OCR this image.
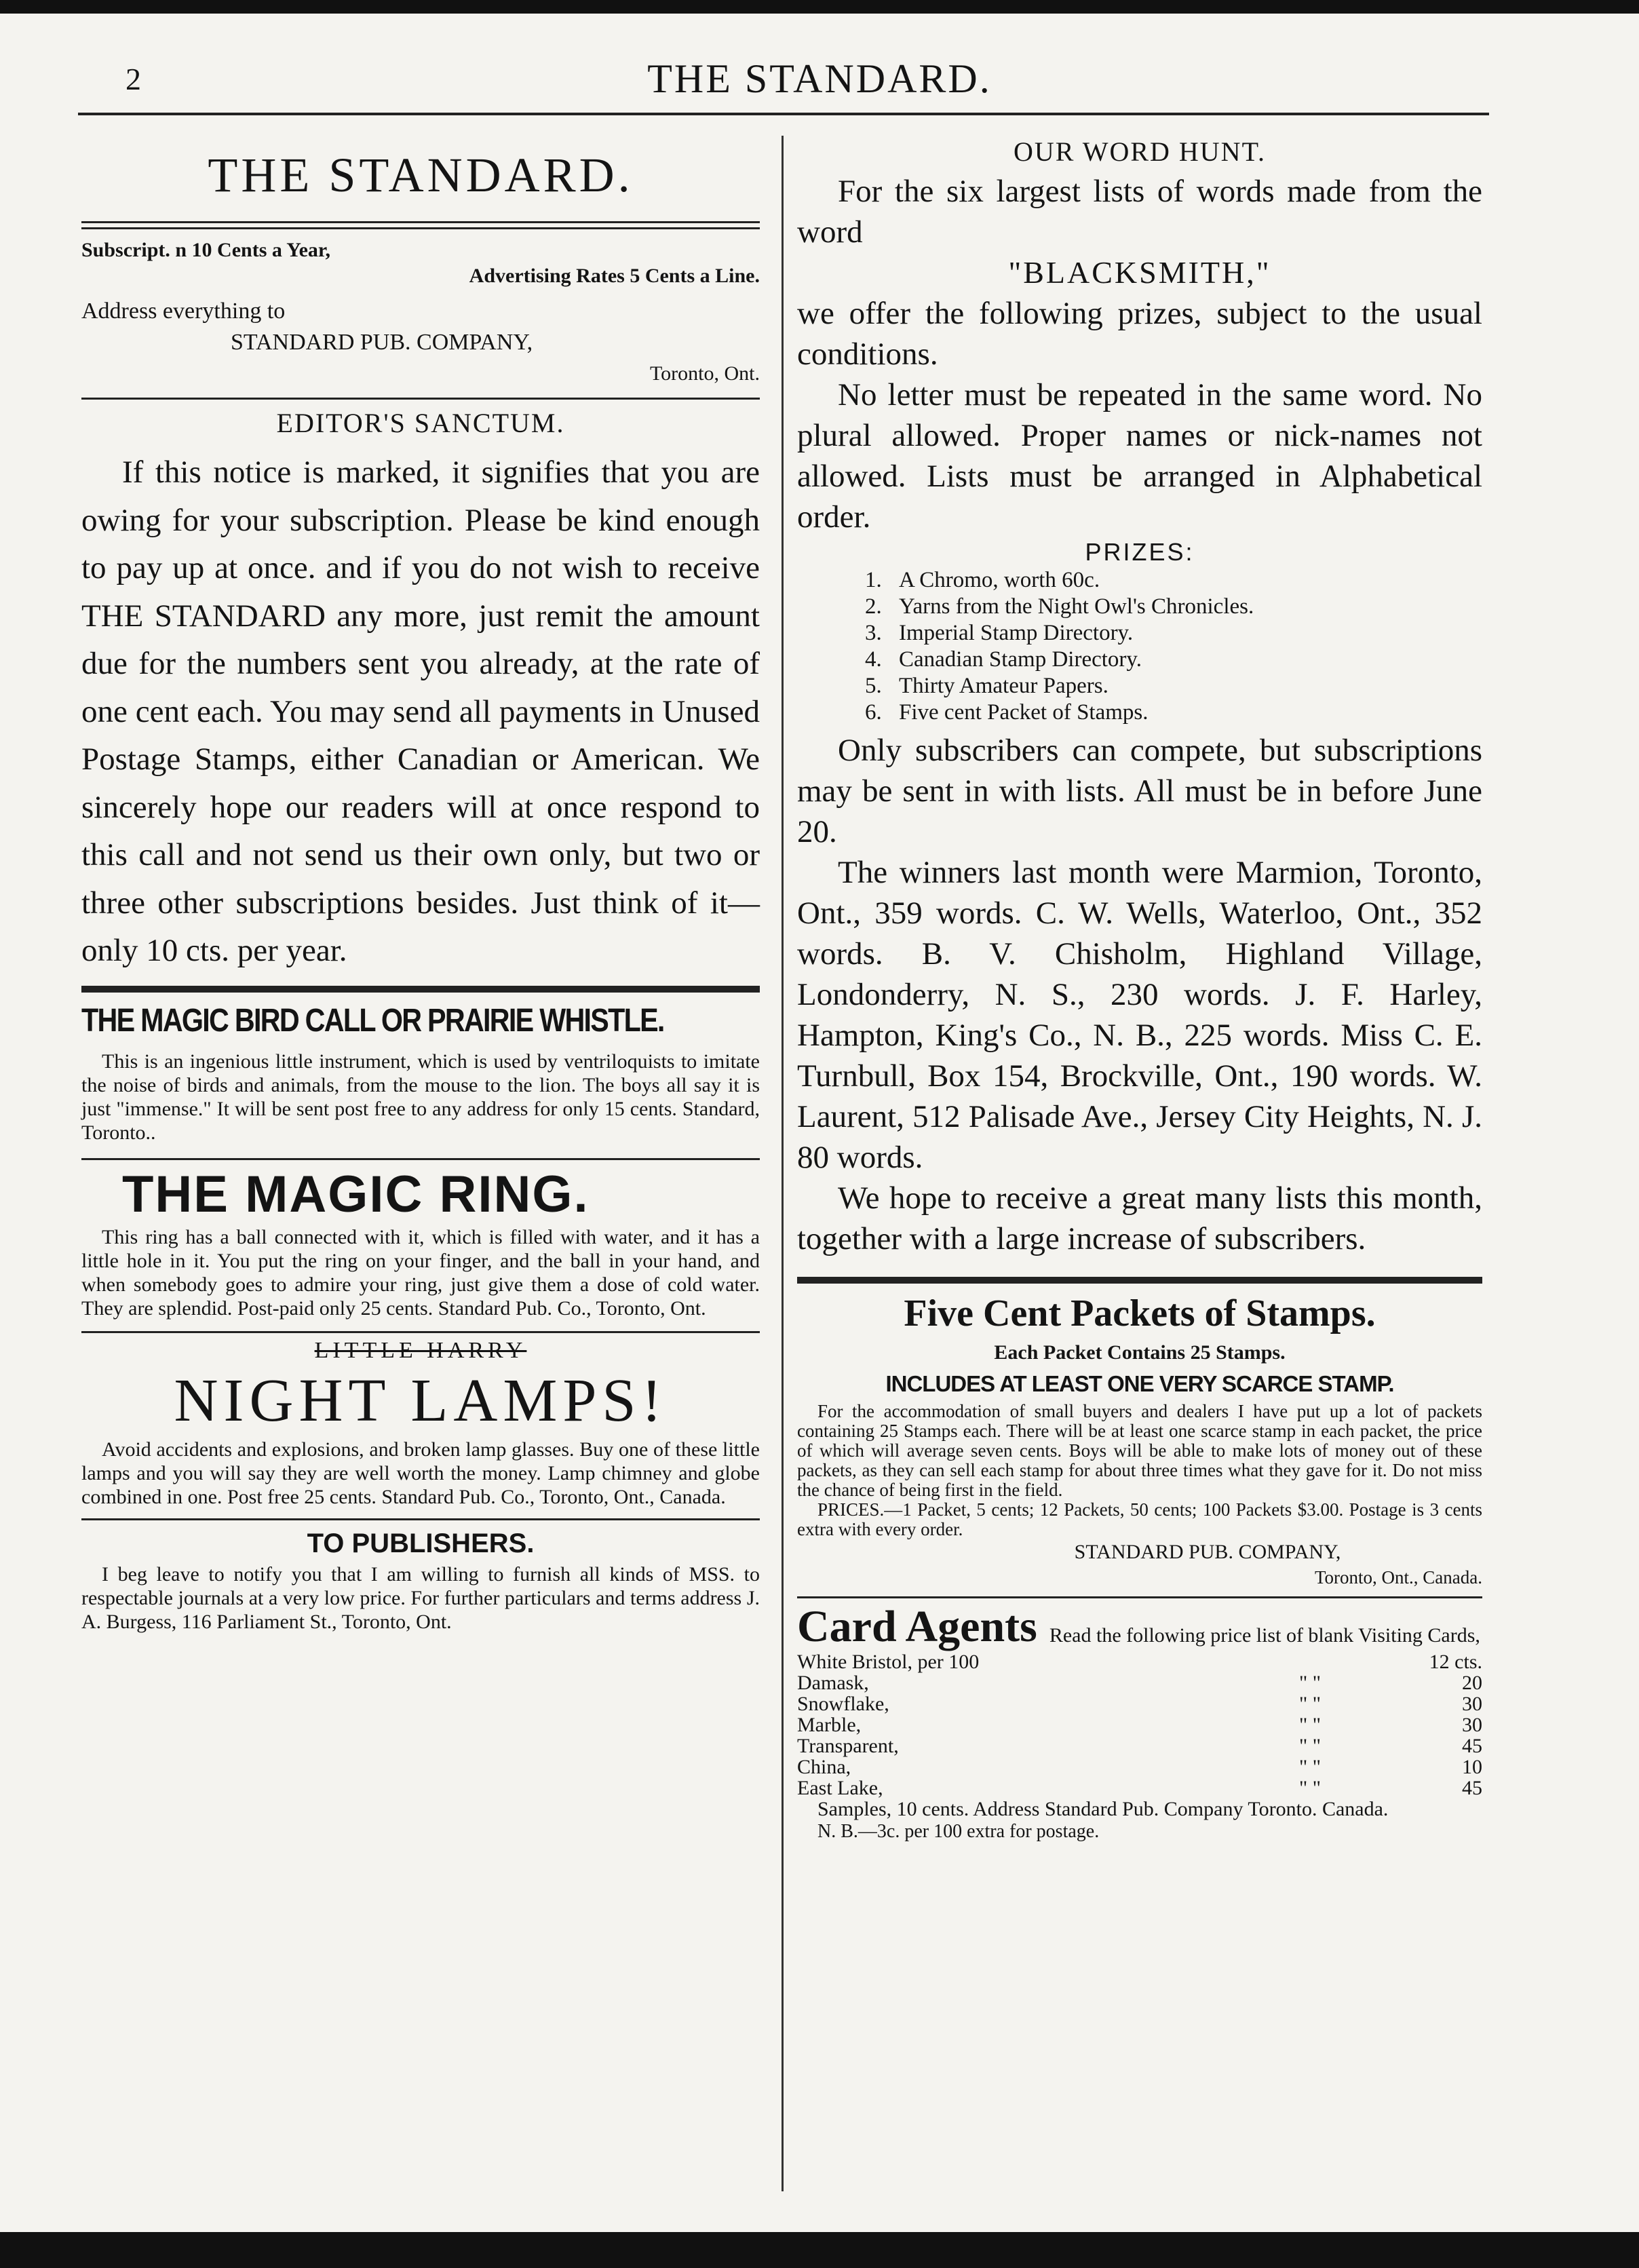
2	THE STANDARD.
THE STANDARD.
Subscript. n 10 Cents a Year,
Advertising Rates 5 Cents a Line.
Address everything to
STANDARD PUB. COMPANY,
Toronto, Ont.
EDITOR'S SANCTUM.

If this notice is marked, it signifies that you are owing for your subscription. Please be kind enough to pay up at once. and if you do not wish to receive THE STANDARD any more, just remit the amount due for the numbers sent you already, at the rate of one cent each. You may send all payments in Unused Postage Stamps, either Canadian or American. We sincerely hope our readers will at once respond to this call and not send us their own only, but two or three other subscriptions besides. Just think of it—only 10 cts. per year.

THE MAGIC BIRD CALL OR PRAIRIE WHISTLE.

This is an ingenious little instrument, which is used by ventriloquists to imitate the noise of birds and animals, from the mouse to the lion. The boys all say it is just "immense." It will be sent post free to any address for only 15 cents. Standard, Toronto..

THE MAGIC RING.

This ring has a ball connected with it, which is filled with water, and it has a little hole in it. You put the ring on your finger, and the ball in your hand, and when somebody goes to admire your ring, just give them a dose of cold water. They are splendid. Post-paid only 25 cents. Standard Pub. Co., Toronto, Ont.

LITTLE HARRY
NIGHT LAMPS!

Avoid accidents and explosions, and broken lamp glasses. Buy one of these little lamps and you will say they are well worth the money. Lamp chimney and globe combined in one. Post free 25 cents. Standard Pub. Co., Toronto, Ont., Canada.

TO PUBLISHERS.

I beg leave to notify you that I am willing to furnish all kinds of MSS. to respectable journals at a very low price. For further particulars and terms address J. A. Burgess, 116 Parliament St., Toronto, Ont.

OUR WORD HUNT.

For the six largest lists of words made from the word

"BLACKSMITH,"

we offer the following prizes, subject to the usual conditions.

No letter must be repeated in the same word. No plural allowed. Proper names or nick-names not allowed. Lists must be arranged in Alphabetical order.

PRIZES:
1. A Chromo, worth 60c.
2. Yarns from the Night Owl's Chronicles.
3. Imperial Stamp Directory.
4. Canadian Stamp Directory.
5. Thirty Amateur Papers.
6. Five cent Packet of Stamps.

Only subscribers can compete, but subscriptions may be sent in with lists. All must be in before June 20.

The winners last month were Marmion, Toronto, Ont., 359 words. C. W. Wells, Waterloo, Ont., 352 words. B. V. Chisholm, Highland Village, Londonderry, N. S., 230 words. J. F. Harley, Hampton, King's Co., N. B., 225 words. Miss C. E. Turnbull, Box 154, Brockville, Ont., 190 words. W. Laurent, 512 Palisade Ave., Jersey City Heights, N. J. 80 words.

We hope to receive a great many lists this month, together with a large increase of subscribers.

Five Cent Packets of Stamps.
Each Packet Contains 25 Stamps.
INCLUDES AT LEAST ONE VERY SCARCE STAMP.

For the accommodation of small buyers and dealers I have put up a lot of packets containing 25 Stamps each. There will be at least one scarce stamp in each packet, the price of which will average seven cents. Boys will be able to make lots of money out of these packets, as they can sell each stamp for about three times what they gave for it. Do not miss the chance of being first in the field.

PRICES.—1 Packet, 5 cents; 12 Packets, 50 cents; 100 Packets $3.00. Postage is 3 cents extra with every order.

STANDARD PUB. COMPANY,
Toronto, Ont., Canada.
Card Agents Read the following price list of blank Visiting Cards,
White Bristol, per 100		12 cts.
Damask,	" "	20
Snowflake,	" "	30
Marble,	" "	30
Transparent,	" "	45
China,	" "	10
East Lake,	" "	45

Samples, 10 cents. Address Standard Pub. Company Toronto. Canada.

N. B.—3c. per 100 extra for postage.
